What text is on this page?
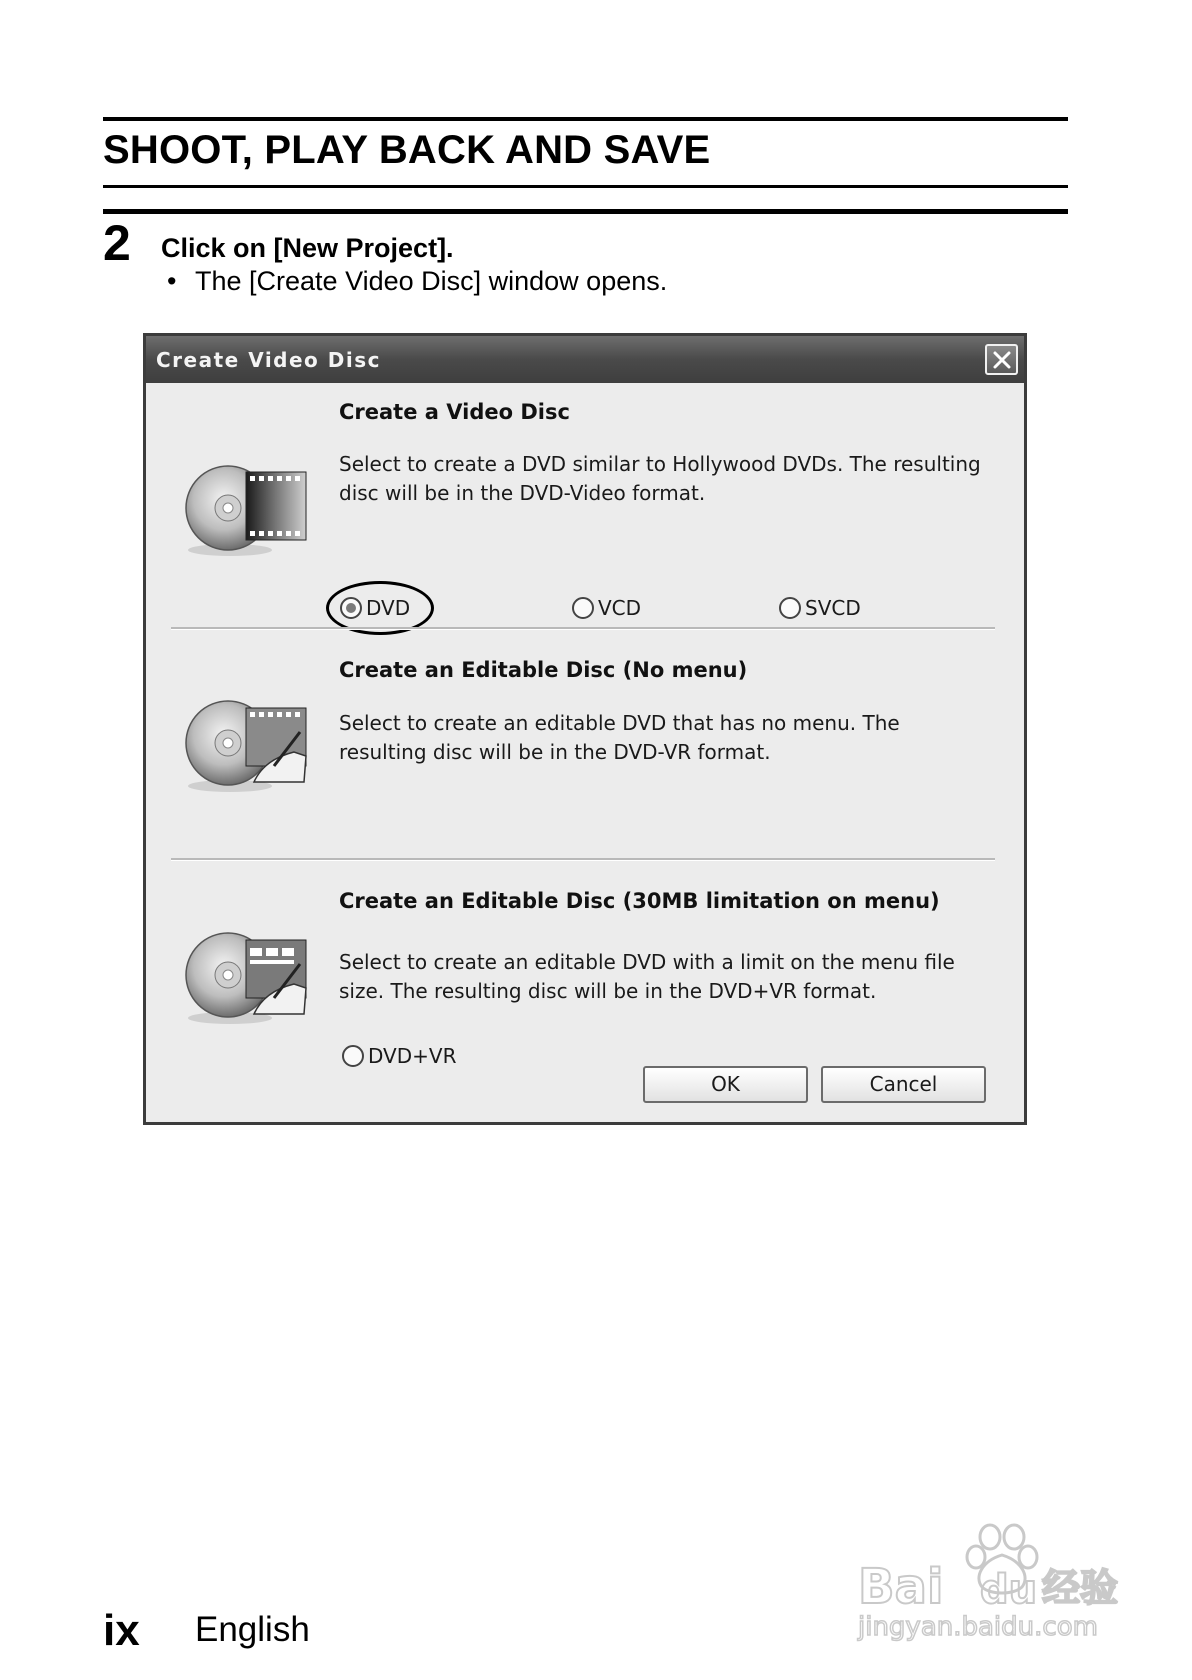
SHOOT, PLAY BACK AND SAVE
2 Click on [New Project].
• The [Create Video Disc] window opens.
Create Video Disc
Create a Video Disc
Select to create a DVD similar to Hollywood DVDs. The resulting disc will be in the DVD-Video format.
DVD	VCD	SVCD
Create an Editable Disc (No menu)
Select to create an editable DVD that has no menu. The resulting disc will be in the DVD-VR format.
Create an Editable Disc (30MB limitation on menu)
Select to create an editable DVD with a limit on the menu file size. The resulting disc will be in the DVD+VR format.
DVD+VR
OK	Cancel
ix English
Bai du 经验
jingyan.baidu.com
